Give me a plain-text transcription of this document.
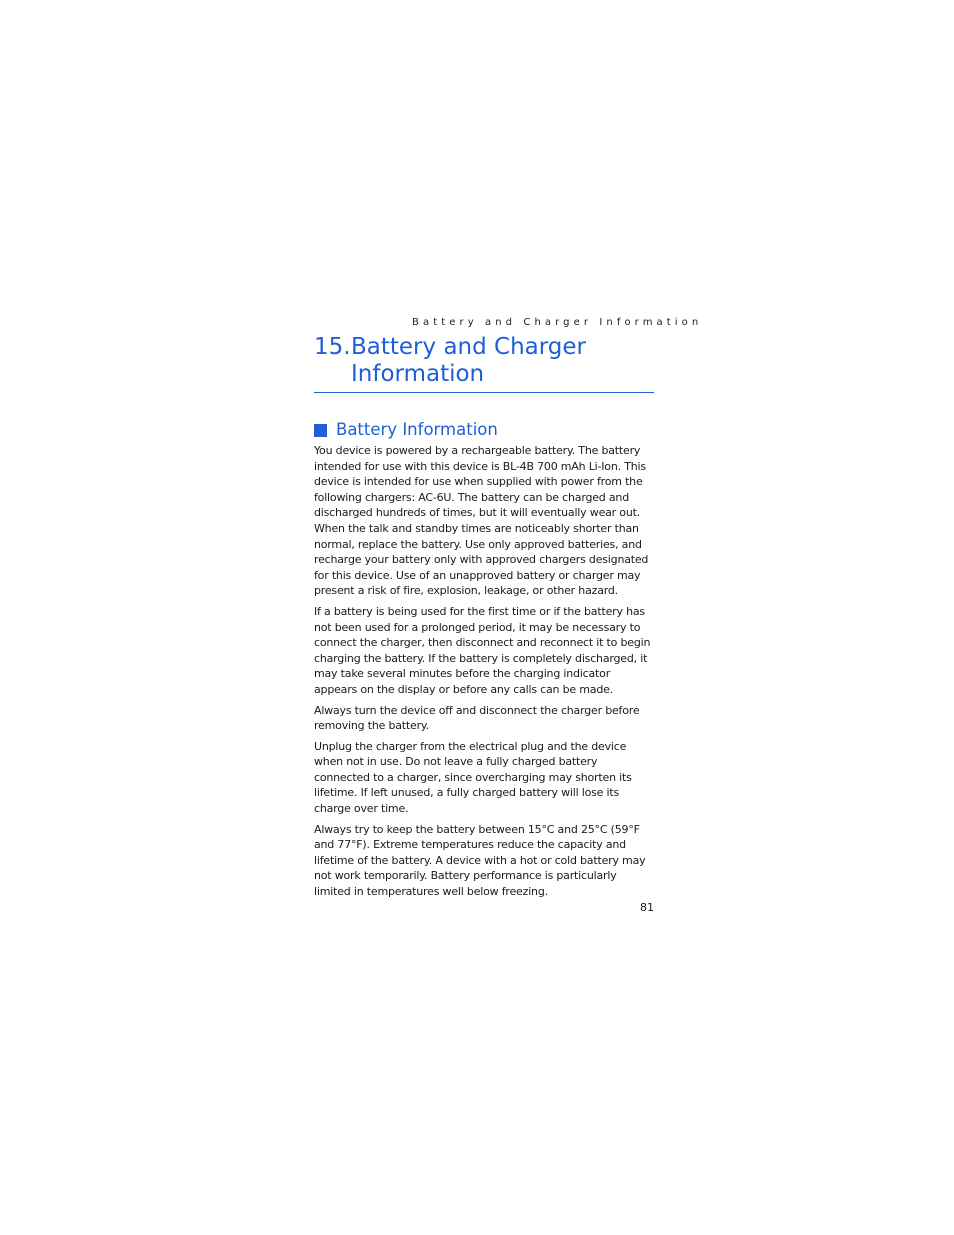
Battery and Charger Information
15. Battery and Charger Information
Battery Information

You device is powered by a rechargeable battery. The battery intended for use with this device is BL-4B 700 mAh Li-Ion. This device is intended for use when supplied with power from the following chargers: AC-6U. The battery can be charged and discharged hundreds of times, but it will eventually wear out. When the talk and standby times are noticeably shorter than normal, replace the battery. Use only approved batteries, and recharge your battery only with approved chargers designated for this device. Use of an unapproved battery or charger may present a risk of fire, explosion, leakage, or other hazard.

If a battery is being used for the first time or if the battery has not been used for a prolonged period, it may be necessary to connect the charger, then disconnect and reconnect it to begin charging the battery. If the battery is completely discharged, it may take several minutes before the charging indicator appears on the display or before any calls can be made.

Always turn the device off and disconnect the charger before removing the battery.

Unplug the charger from the electrical plug and the device when not in use. Do not leave a fully charged battery connected to a charger, since overcharging may shorten its lifetime. If left unused, a fully charged battery will lose its charge over time.

Always try to keep the battery between 15°C and 25°C (59°F and 77°F). Extreme temperatures reduce the capacity and lifetime of the battery. A device with a hot or cold battery may not work temporarily. Battery performance is particularly limited in temperatures well below freezing.

81
